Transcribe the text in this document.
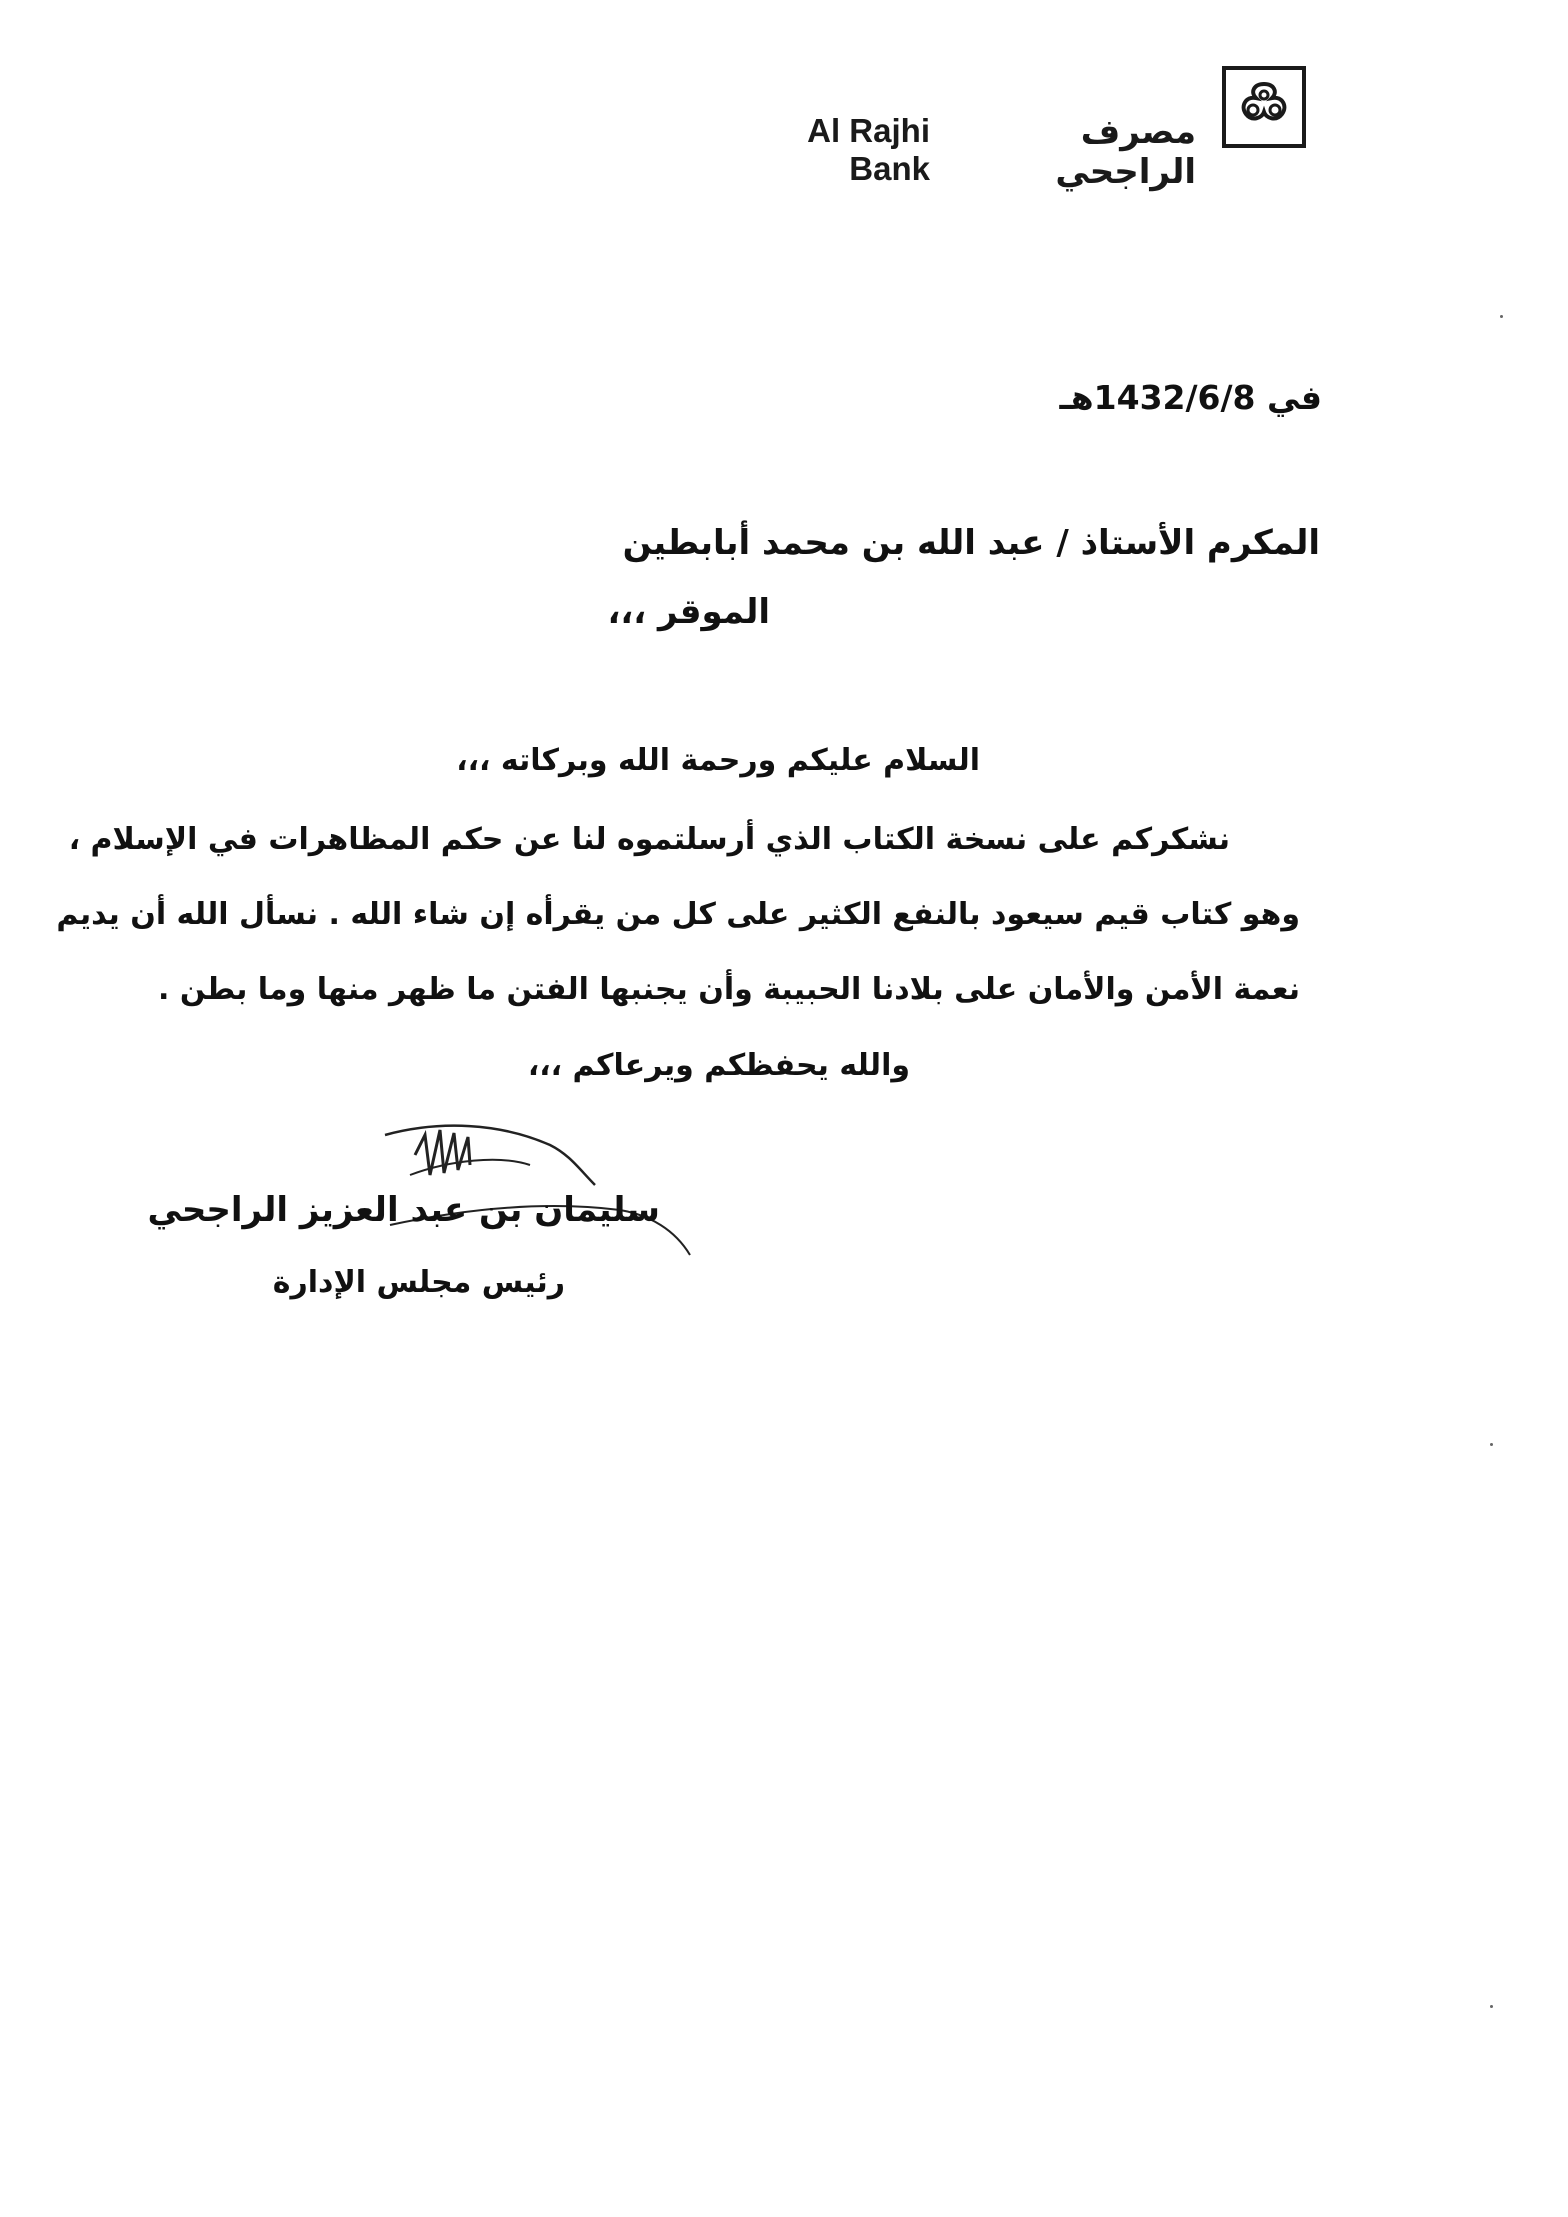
مصرف الراجحي
Al Rajhi Bank
في 1432/6/8هـ
المكرم الأستاذ / عبد الله بن محمد أبابطين
الموقر ،،،
السلام عليكم ورحمة الله وبركاته ،،،
نشكركم على نسخة الكتاب الذي أرسلتموه لنا عن حكم المظاهرات في الإسلام ،
وهو كتاب قيم سيعود بالنفع الكثير على كل من يقرأه إن شاء الله . نسأل الله أن يديم
نعمة الأمن والأمان على بلادنا الحبيبة وأن يجنبها الفتن ما ظهر منها وما بطن .
والله يحفظكم ويرعاكم ،،،
سليمان بن عبد العزيز الراجحي
رئيس مجلس الإدارة
